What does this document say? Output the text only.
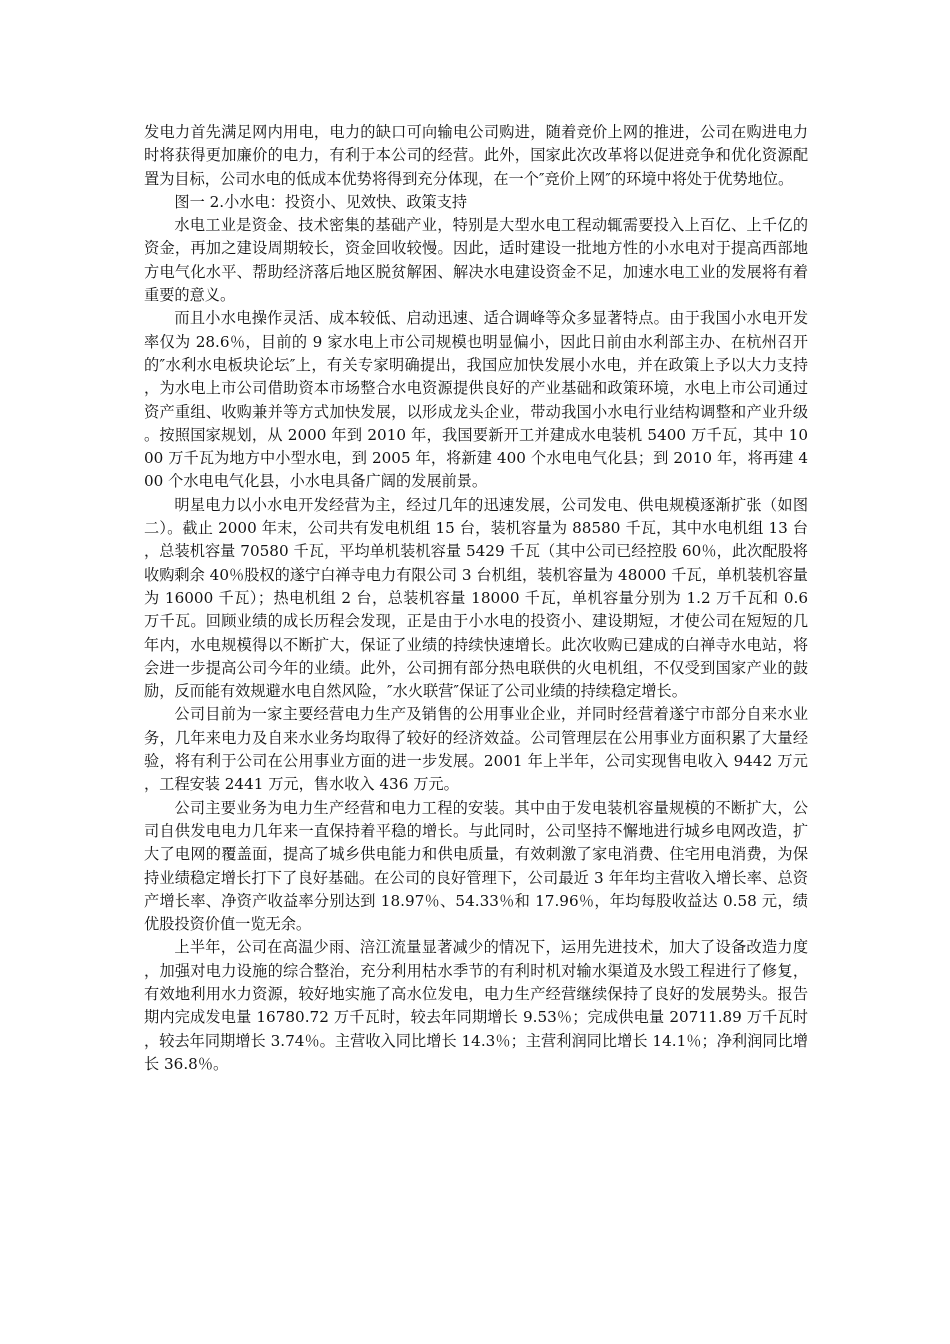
发电力首先满足网内用电，电力的缺口可向输电公司购进，随着竞价上网的推进，公司在购进电力时将获得更加廉价的电力，有利于本公司的经营。此外，国家此次改革将以促进竞争和优化资源配置为目标，公司水电的低成本优势将得到充分体现，在一个″竞价上网″的环境中将处于优势地位。

图一 2.小水电：投资小、见效快、政策支持

水电工业是资金、技术密集的基础产业，特别是大型水电工程动辄需要投入上百亿、上千亿的资金，再加之建设周期较长，资金回收较慢。因此，适时建设一批地方性的小水电对于提高西部地方电气化水平、帮助经济落后地区脱贫解困、解决水电建设资金不足，加速水电工业的发展将有着重要的意义。

而且小水电操作灵活、成本较低、启动迅速、适合调峰等众多显著特点。由于我国小水电开发率仅为 28.6％，目前的 9 家水电上市公司规模也明显偏小，因此日前由水利部主办、在杭州召开的″水利水电板块论坛″上，有关专家明确提出，我国应加快发展小水电，并在政策上予以大力支持，为水电上市公司借助资本市场整合水电资源提供良好的产业基础和政策环境，水电上市公司通过资产重组、收购兼并等方式加快发展，以形成龙头企业，带动我国小水电行业结构调整和产业升级。按照国家规划，从 2000 年到 2010 年，我国要新开工并建成水电装机 5400 万千瓦，其中 1000 万千瓦为地方中小型水电，到 2005 年，将新建 400 个水电电气化县；到 2010 年，将再建 400 个水电电气化县，小水电具备广阔的发展前景。

明星电力以小水电开发经营为主，经过几年的迅速发展，公司发电、供电规模逐渐扩张（如图二）。截止 2000 年末，公司共有发电机组 15 台，装机容量为 88580 千瓦，其中水电机组 13 台，总装机容量 70580 千瓦，平均单机装机容量 5429 千瓦（其中公司已经控股 60％，此次配股将收购剩余 40％股权的遂宁白禅寺电力有限公司 3 台机组，装机容量为 48000 千瓦，单机装机容量为 16000 千瓦）；热电机组 2 台，总装机容量 18000 千瓦，单机容量分别为 1.2 万千瓦和 0.6 万千瓦。回顾业绩的成长历程会发现，正是由于小水电的投资小、建设期短，才使公司在短短的几年内，水电规模得以不断扩大，保证了业绩的持续快速增长。此次收购已建成的白禅寺水电站，将会进一步提高公司今年的业绩。此外，公司拥有部分热电联供的火电机组，不仅受到国家产业的鼓励，反而能有效规避水电自然风险，″水火联营″保证了公司业绩的持续稳定增长。

公司目前为一家主要经营电力生产及销售的公用事业企业，并同时经营着遂宁市部分自来水业务，几年来电力及自来水业务均取得了较好的经济效益。公司管理层在公用事业方面积累了大量经验，将有利于公司在公用事业方面的进一步发展。2001 年上半年，公司实现售电收入 9442 万元，工程安装 2441 万元，售水收入 436 万元。

公司主要业务为电力生产经营和电力工程的安装。其中由于发电装机容量规模的不断扩大，公司自供发电电力几年来一直保持着平稳的增长。与此同时，公司坚持不懈地进行城乡电网改造，扩大了电网的覆盖面，提高了城乡供电能力和供电质量，有效刺激了家电消费、住宅用电消费，为保持业绩稳定增长打下了良好基础。在公司的良好管理下，公司最近 3 年年均主营收入增长率、总资产增长率、净资产收益率分别达到 18.97％、54.33％和 17.96％，年均每股收益达 0.58 元，绩优股投资价值一览无余。

上半年，公司在高温少雨、涪江流量显著减少的情况下，运用先进技术，加大了设备改造力度，加强对电力设施的综合整治，充分利用枯水季节的有利时机对输水渠道及水毁工程进行了修复，有效地利用水力资源，较好地实施了高水位发电，电力生产经营继续保持了良好的发展势头。报告期内完成发电量 16780.72 万千瓦时，较去年同期增长 9.53％；完成供电量 20711.89 万千瓦时，较去年同期增长 3.74％。主营收入同比增长 14.3％；主营利润同比增长 14.1％；净利润同比增长 36.8％。
